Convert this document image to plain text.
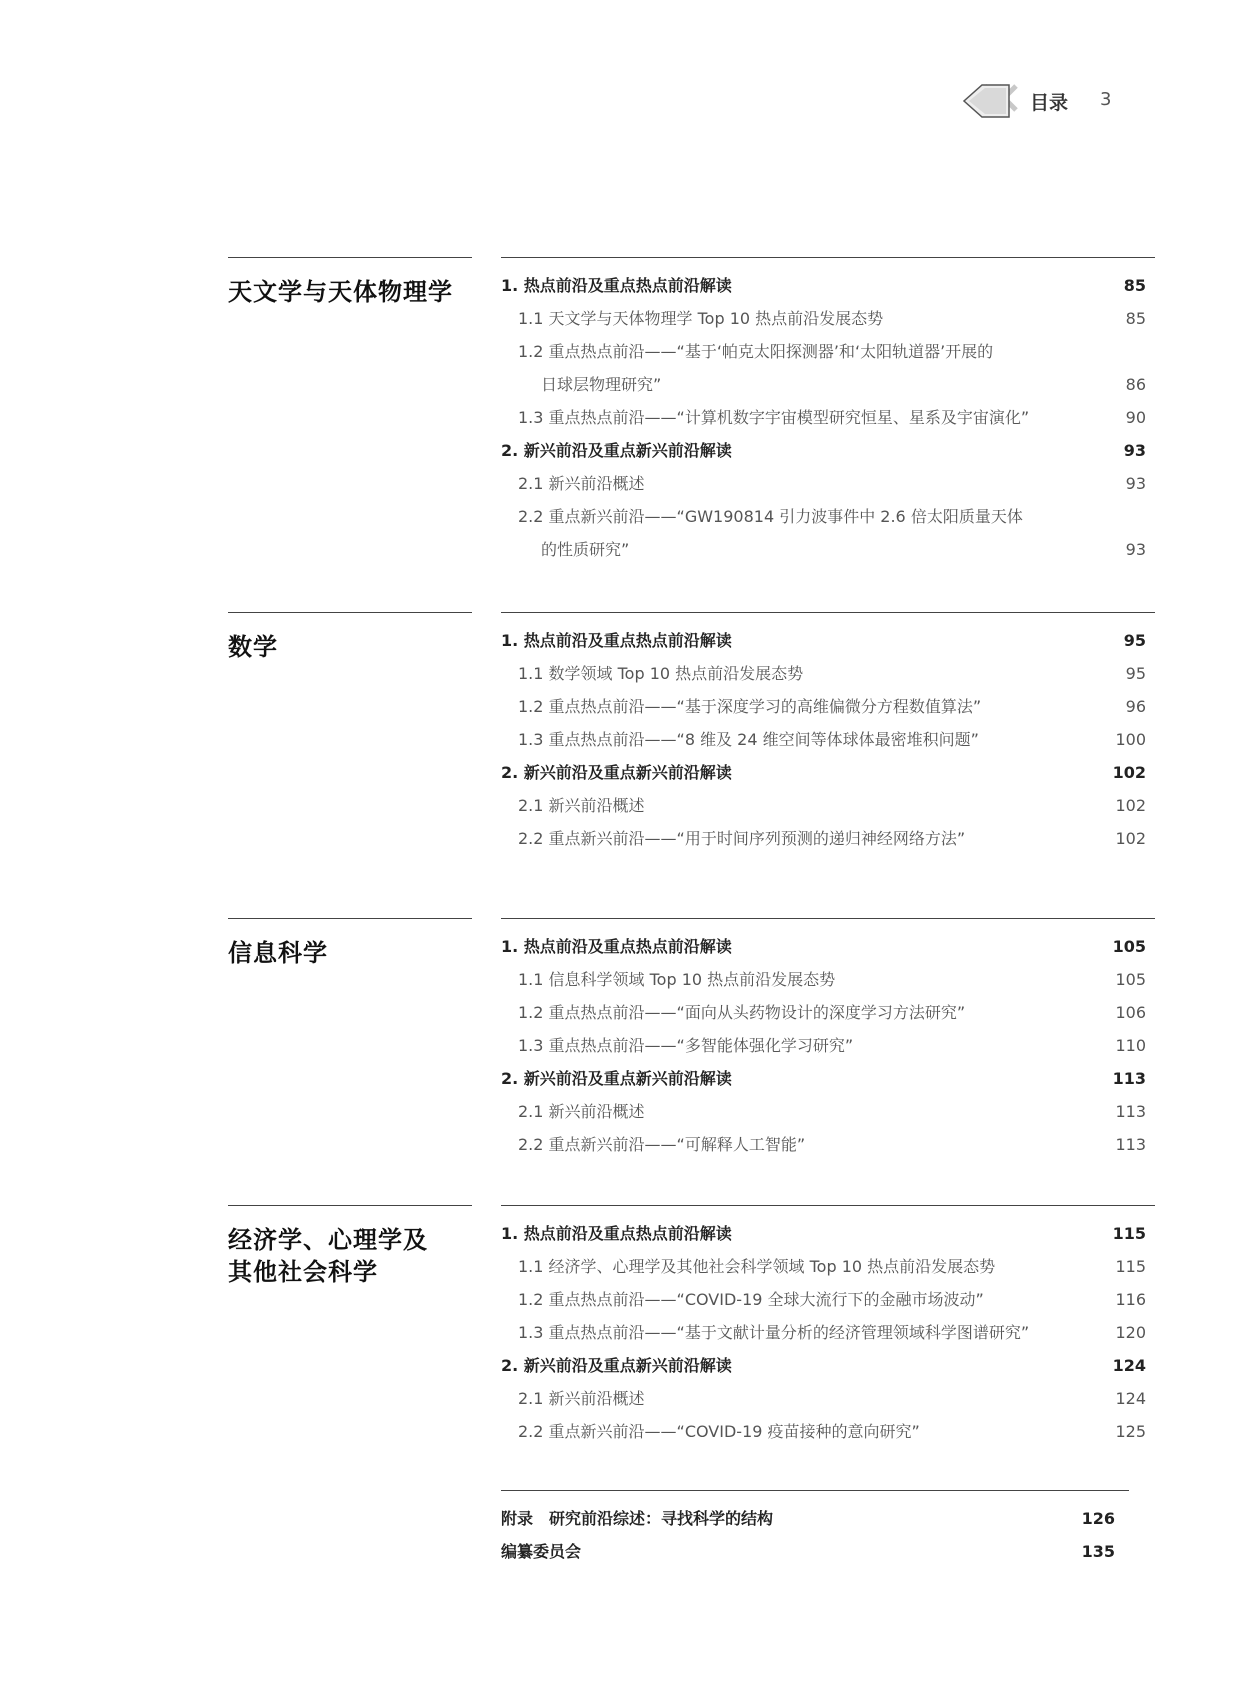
目录 3
天文学与天体物理学	1. 热点前沿及重点热点前沿解读	85
1.1 天文学与天体物理学 Top 10 热点前沿发展态势	85
1.2 重点热点前沿——“基于‘帕克太阳探测器’和‘太阳轨道器’开展的
日球层物理研究”	86
1.3 重点热点前沿——“计算机数字宇宙模型研究恒星、星系及宇宙演化”	90
2. 新兴前沿及重点新兴前沿解读	93
2.1 新兴前沿概述	93
2.2 重点新兴前沿——“GW190814 引力波事件中 2.6 倍太阳质量天体
的性质研究”	93
数学	1. 热点前沿及重点热点前沿解读	95
1.1 数学领域 Top 10 热点前沿发展态势	95
1.2 重点热点前沿——“基于深度学习的高维偏微分方程数值算法”	96
1.3 重点热点前沿——“8 维及 24 维空间等体球体最密堆积问题”	100
2. 新兴前沿及重点新兴前沿解读	102
2.1 新兴前沿概述	102
2.2 重点新兴前沿——“用于时间序列预测的递归神经网络方法”	102
信息科学	1. 热点前沿及重点热点前沿解读	105
1.1 信息科学领域 Top 10 热点前沿发展态势	105
1.2 重点热点前沿——“面向从头药物设计的深度学习方法研究”	106
1.3 重点热点前沿——“多智能体强化学习研究”	110
2. 新兴前沿及重点新兴前沿解读	113
2.1 新兴前沿概述	113
2.2 重点新兴前沿——“可解释人工智能”	113
经济学、心理学及
其他社会科学
1. 热点前沿及重点热点前沿解读	115
1.1 经济学、心理学及其他社会科学领域 Top 10 热点前沿发展态势	115
1.2 重点热点前沿——“COVID-19 全球大流行下的金融市场波动”	116
1.3 重点热点前沿——“基于文献计量分析的经济管理领域科学图谱研究”	120
2. 新兴前沿及重点新兴前沿解读	124
2.1 新兴前沿概述	124
2.2 重点新兴前沿——“COVID-19 疫苗接种的意向研究”	125
附录　研究前沿综述：寻找科学的结构	126
编纂委员会	135
